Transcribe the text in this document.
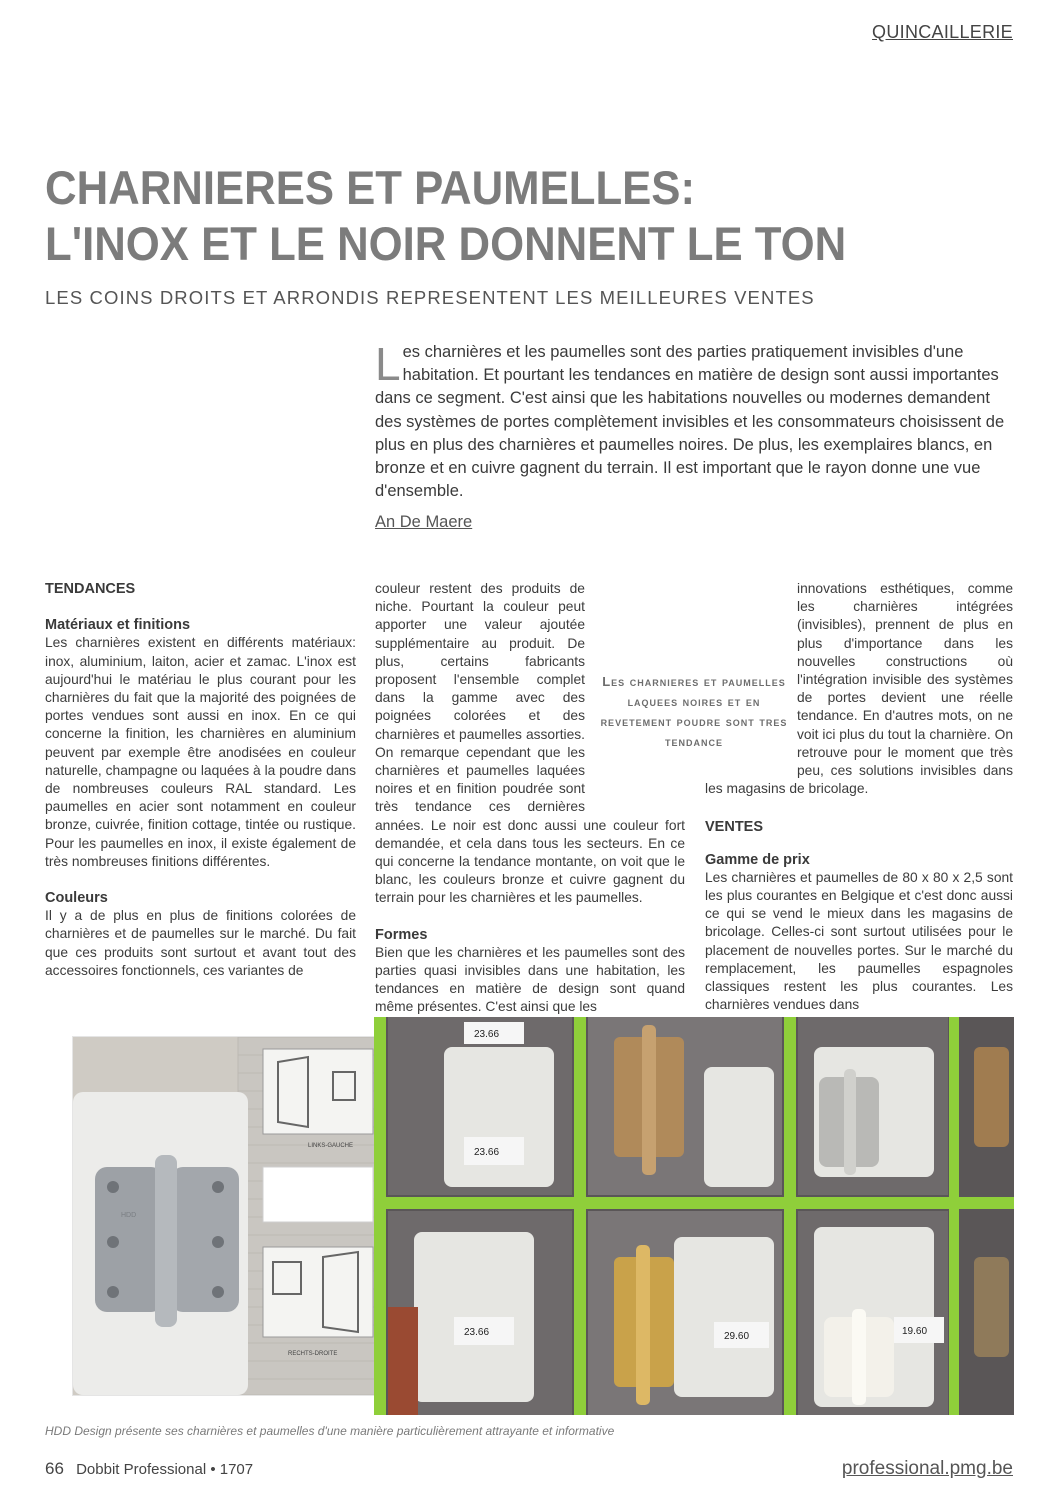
QUINCAILLERIE
CHARNIERES ET PAUMELLES:
L'INOX ET LE NOIR DONNENT LE TON
LES COINS DROITS ET ARRONDIS REPRESENTENT LES MEILLEURES VENTES
Les charnières et les paumelles sont des parties pratiquement invisibles d'une habitation. Et pourtant les tendances en matière de design sont aussi importantes dans ce segment. C'est ainsi que les habitations nouvelles ou modernes demandent des systèmes de portes complètement invisibles et les consommateurs choisissent de plus en plus des charnières et paumelles noires. De plus, les exemplaires blancs, en bronze et en cuivre gagnent du terrain. Il est important que le rayon donne une vue d'ensemble.
An De Maere
TENDANCES
Matériaux et finitions

Les charnières existent en différents matériaux: inox, aluminium, laiton, acier et zamac. L'inox est aujourd'hui le matériau le plus courant pour les charnières du fait que la majorité des poignées de portes vendues sont aussi en inox. En ce qui concerne la finition, les charnières en aluminium peuvent par exemple être anodisées en couleur naturelle, champagne ou laquées à la poudre dans de nombreuses couleurs RAL standard. Les paumelles en acier sont notamment en couleur bronze, cuivrée, finition cottage, tintée ou rustique. Pour les paumelles en inox, il existe également de très nombreuses finitions différentes.

Couleurs

Il y a de plus en plus de finitions colorées de charnières et de paumelles sur le marché. Du fait que ces produits sont surtout et avant tout des accessoires fonctionnels, ces variantes de

couleur restent des produits de niche. Pourtant la couleur peut apporter une valeur ajoutée supplémentaire au produit. De plus, certains fabricants proposent l'ensemble complet dans la gamme avec des poignées colorées et des charnières et paumelles assorties. On remarque cependant que les charnières et paumelles laquées noires et en finition poudrée sont très tendance ces dernières années. Le noir est donc aussi une couleur fort demandée, et cela dans tous les secteurs. En ce qui concerne la tendance montante, on voit que le blanc, les couleurs bronze et cuivre gagnent du terrain pour les charnières et les paumelles.

Formes

Bien que les charnières et les paumelles sont des parties quasi invisibles dans une habitation, les tendances en matière de design sont quand même présentes. C'est ainsi que les

Les charnieres et paumelles laquees noires et en revetement poudre sont tres tendance

innovations esthétiques, comme les charnières intégrées (invisibles), prennent de plus en plus d'importance dans les nouvelles constructions où l'intégration invisible des systèmes de portes devient une réelle tendance. En d'autres mots, on ne voit ici plus du tout la charnière. On retrouve pour le moment que très peu, ces solutions invisibles dans les magasins de bricolage.

VENTES
Gamme de prix

Les charnières et paumelles de 80 x 80 x 2,5 sont les plus courantes en Belgique et c'est donc aussi ce qui se vend le mieux dans les magasins de bricolage. Celles-ci sont surtout utilisées pour le placement de nouvelles portes. Sur le marché du remplacement, les paumelles espagnoles classiques restent les plus courantes. Les charnières vendues dans

HDD
LINKS-GAUCHE
RECHTS-DROITE
23.66
23.66
23.66	29.60	19.60
HDD Design présente ses charnières et paumelles d'une manière particulièrement attrayante et informative
66 Dobbit Professional • 1707	professional.pmg.be
